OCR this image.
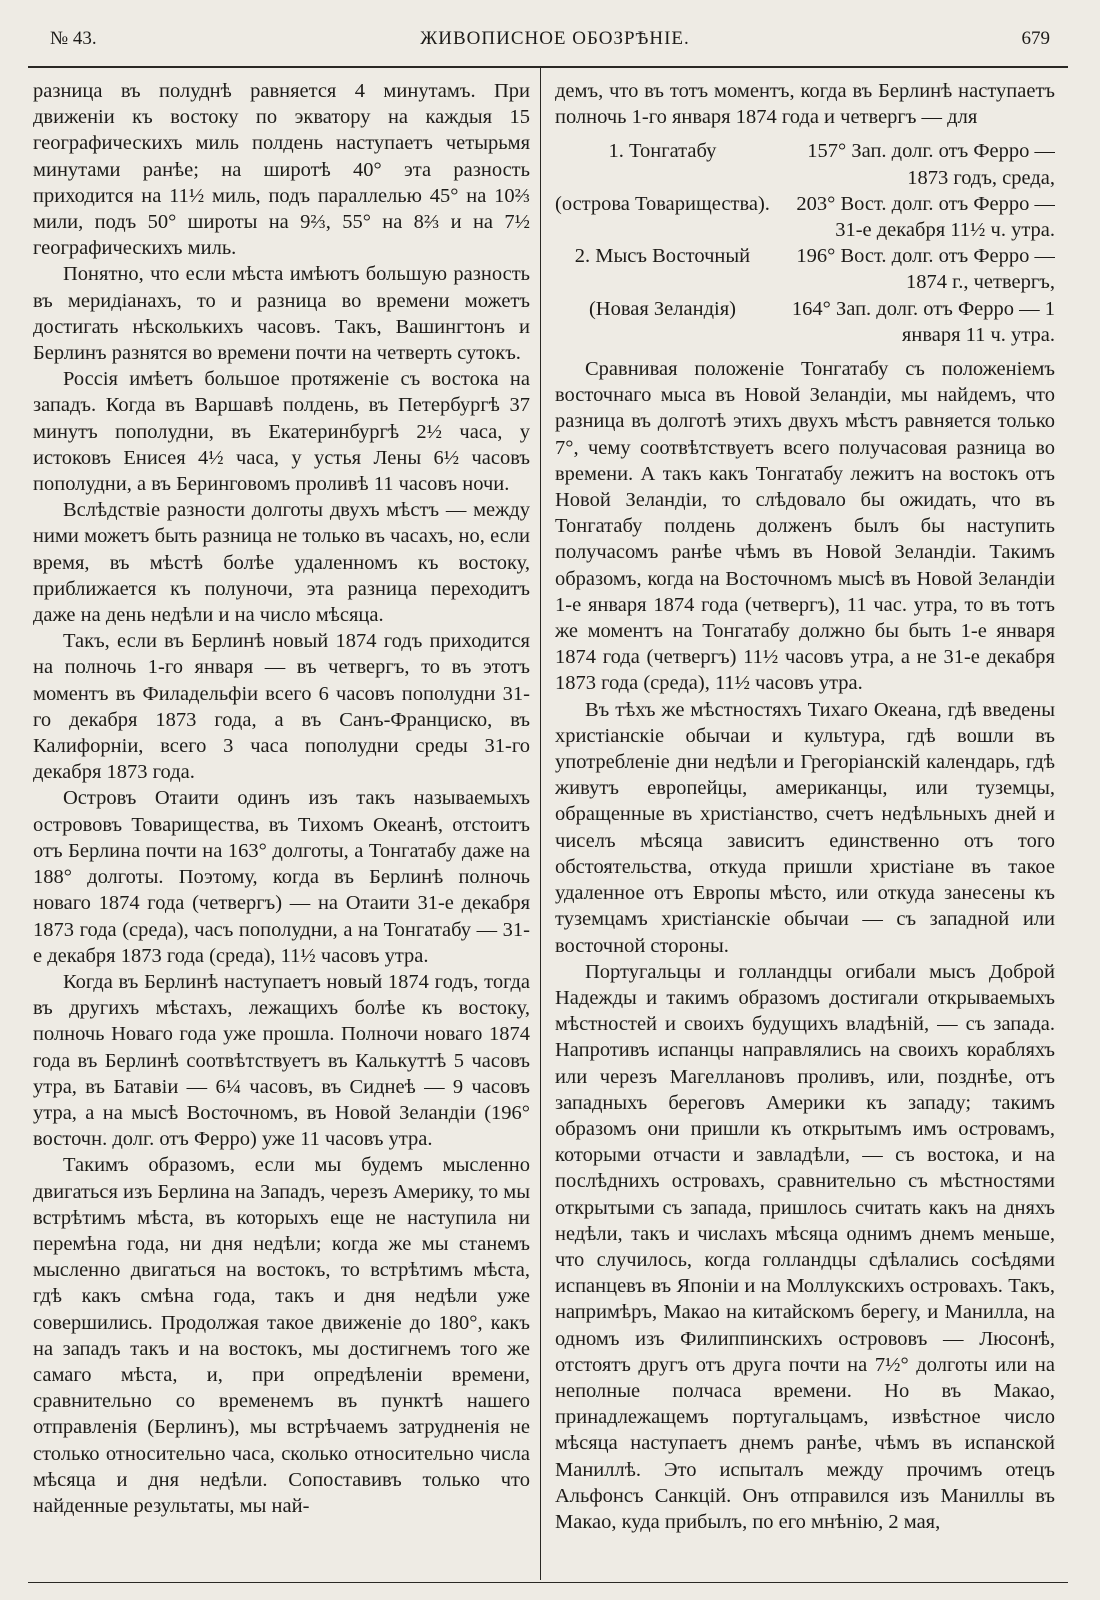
№ 43.	ЖИВОПИСНОЕ ОБОЗРѢНІЕ.	679

разница въ полуднѣ равняется 4 минутамъ. При движеніи къ востоку по экватору на каждыя 15 географическихъ миль полдень наступаетъ четырьмя минутами ранѣе; на широтѣ 40° эта разность приходится на 11½ миль, подъ параллелью 45° на 10⅔ мили, подъ 50° широты на 9⅔, 55° на 8⅔ и на 7½ географическихъ миль.

Понятно, что если мѣста имѣютъ большую разность въ меридіанахъ, то и разница во времени можетъ достигать нѣсколькихъ часовъ. Такъ, Вашингтонъ и Берлинъ разнятся во времени почти на четверть сутокъ.

Россія имѣетъ большое протяженіе съ востока на западъ. Когда въ Варшавѣ полдень, въ Петербургѣ 37 минутъ пополудни, въ Екатеринбургѣ 2½ часа, у истоковъ Енисея 4½ часа, у устья Лены 6½ часовъ пополудни, а въ Беринговомъ проливѣ 11 часовъ ночи.

Вслѣдствіе разности долготы двухъ мѣстъ — между ними можетъ быть разница не только въ часахъ, но, если время, въ мѣстѣ болѣе удаленномъ къ востоку, приближается къ полуночи, эта разница переходитъ даже на день недѣли и на число мѣсяца.

Такъ, если въ Берлинѣ новый 1874 годъ приходится на полночь 1-го января — въ четвергъ, то въ этотъ моментъ въ Филадельфіи всего 6 часовъ пополудни 31-го декабря 1873 года, а въ Санъ-Франциско, въ Калифорніи, всего 3 часа пополудни среды 31-го декабря 1873 года.

Островъ Отаити одинъ изъ такъ называемыхъ острововъ Товарищества, въ Тихомъ Океанѣ, отстоитъ отъ Берлина почти на 163° долготы, а Тонгатабу даже на 188° долготы. Поэтому, когда въ Берлинѣ полночь новаго 1874 года (четвергъ) — на Отаити 31-е декабря 1873 года (среда), часъ пополудни, а на Тонгатабу — 31-е декабря 1873 года (среда), 11½ часовъ утра.

Когда въ Берлинѣ наступаетъ новый 1874 годъ, тогда въ другихъ мѣстахъ, лежащихъ болѣе къ востоку, полночь Новаго года уже прошла. Полночи новаго 1874 года въ Берлинѣ соотвѣтствуетъ въ Калькуттѣ 5 часовъ утра, въ Батавіи — 6¼ часовъ, въ Сиднеѣ — 9 часовъ утра, а на мысѣ Восточномъ, въ Новой Зеландіи (196° восточн. долг. отъ Ферро) уже 11 часовъ утра.

Такимъ образомъ, если мы будемъ мысленно двигаться изъ Берлина на Западъ, черезъ Америку, то мы встрѣтимъ мѣста, въ которыхъ еще не наступила ни перемѣна года, ни дня недѣли; когда же мы станемъ мысленно двигаться на востокъ, то встрѣтимъ мѣста, гдѣ какъ смѣна года, такъ и дня недѣли уже совершились. Продолжая такое движеніе до 180°, какъ на западъ такъ и на востокъ, мы достигнемъ того же самаго мѣста, и, при опредѣленіи времени, сравнительно со временемъ въ пунктѣ нашего отправленія (Берлинъ), мы встрѣчаемъ затрудненія не столько относительно часа, сколько относительно числа мѣсяца и дня недѣли. Сопоставивъ только что найденные результаты, мы най-

демъ, что въ тотъ моментъ, когда въ Берлинѣ наступаетъ полночь 1-го января 1874 года и четвергъ — для

1. Тонгатабу	157° Зап. долг. отъ Ферро — 1873 годъ, среда,
(острова Товарищества).	203° Вост. долг. отъ Ферро — 31-е декабря 11½ ч. утра.
2. Мысъ Восточный	196° Вост. долг. отъ Ферро — 1874 г., четвергъ,
(Новая Зеландія)	164° Зап. долг. отъ Ферро — 1 января 11 ч. утра.

Сравнивая положеніе Тонгатабу съ положеніемъ восточнаго мыса въ Новой Зеландіи, мы найдемъ, что разница въ долготѣ этихъ двухъ мѣстъ равняется только 7°, чему соотвѣтствуетъ всего получасовая разница во времени. А такъ какъ Тонгатабу лежитъ на востокъ отъ Новой Зеландіи, то слѣдовало бы ожидать, что въ Тонгатабу полдень долженъ былъ бы наступить получасомъ ранѣе чѣмъ въ Новой Зеландіи. Такимъ образомъ, когда на Восточномъ мысѣ въ Новой Зеландіи 1-е января 1874 года (четвергъ), 11 час. утра, то въ тотъ же моментъ на Тонгатабу должно бы быть 1-е января 1874 года (четвергъ) 11½ часовъ утра, а не 31-е декабря 1873 года (среда), 11½ часовъ утра.

Въ тѣхъ же мѣстностяхъ Тихаго Океана, гдѣ введены христіанскіе обычаи и культура, гдѣ вошли въ употребленіе дни недѣли и Грегоріанскій календарь, гдѣ живутъ европейцы, американцы, или туземцы, обращенные въ христіанство, счетъ недѣльныхъ дней и чиселъ мѣсяца зависитъ единственно отъ того обстоятельства, откуда пришли христіане въ такое удаленное отъ Европы мѣсто, или откуда занесены къ туземцамъ христіанскіе обычаи — съ западной или восточной стороны.

Португальцы и голландцы огибали мысъ Доброй Надежды и такимъ образомъ достигали открываемыхъ мѣстностей и своихъ будущихъ владѣній, — съ запада. Напротивъ испанцы направлялись на своихъ корабляхъ или черезъ Магеллановъ проливъ, или, позднѣе, отъ западныхъ береговъ Америки къ западу; такимъ образомъ они пришли къ открытымъ имъ островамъ, которыми отчасти и завладѣли, — съ востока, и на послѣднихъ островахъ, сравнительно съ мѣстностями открытыми съ запада, пришлось считать какъ на дняхъ недѣли, такъ и числахъ мѣсяца однимъ днемъ меньше, что случилось, когда голландцы сдѣлались сосѣдями испанцевъ въ Японіи и на Моллукскихъ островахъ. Такъ, напримѣръ, Макао на китайскомъ берегу, и Манилла, на одномъ изъ Филиппинскихъ острововъ — Люсонѣ, отстоятъ другъ отъ друга почти на 7½° долготы или на неполные полчаса времени. Но въ Макао, принадлежащемъ португальцамъ, извѣстное число мѣсяца наступаетъ днемъ ранѣе, чѣмъ въ испанской Маниллѣ. Это испыталъ между прочимъ отецъ Альфонсъ Санкцій. Онъ отправился изъ Маниллы въ Макао, куда прибылъ, по его мнѣнію, 2 мая,
